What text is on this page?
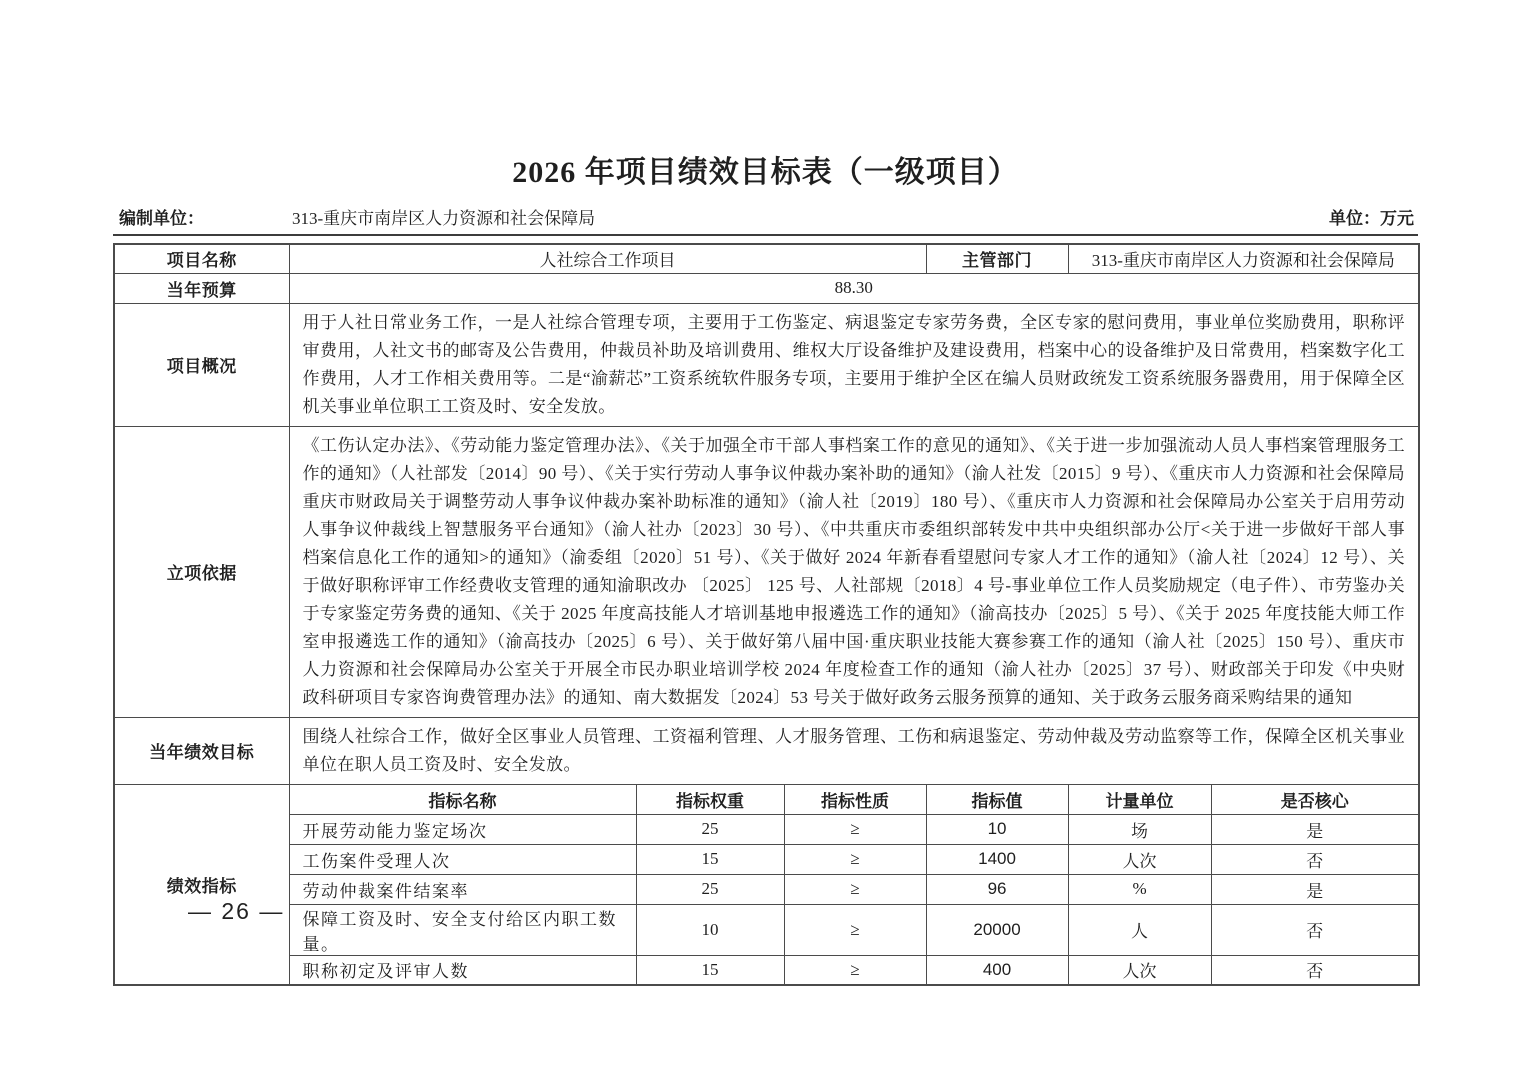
2026 年项目绩效目标表（一级项目）
编制单位：	313-重庆市南岸区人力资源和社会保障局	单位：万元
项目名称	人社综合工作项目			主管部门	313-重庆市南岸区人力资源和社会保障局	
当年预算	88.30					
项目概况	用于人社日常业务工作，一是人社综合管理专项，主要用于工伤鉴定、病退鉴定专家劳务费，全区专家的慰问费用，事业单位奖励费用，职称评审费用，人社文书的邮寄及公告费用，仲裁员补助及培训费用、维权大厅设备维护及建设费用，档案中心的设备维护及日常费用，档案数字化工作费用，人才工作相关费用等。二是“渝薪芯”工资系统软件服务专项，主要用于维护全区在编人员财政统发工资系统服务器费用，用于保障全区机关事业单位职工工资及时、安全发放。					
立项依据	《工伤认定办法》、《劳动能力鉴定管理办法》、《关于加强全市干部人事档案工作的意见的通知》、《关于进一步加强流动人员人事档案管理服务工作的通知》（人社部发〔2014〕90 号）、《关于实行劳动人事争议仲裁办案补助的通知》（渝人社发〔2015〕9 号）、《重庆市人力资源和社会保障局重庆市财政局关于调整劳动人事争议仲裁办案补助标准的通知》（渝人社〔2019〕180 号）、《重庆市人力资源和社会保障局办公室关于启用劳动人事争议仲裁线上智慧服务平台通知》（渝人社办〔2023〕30 号）、《中共重庆市委组织部转发中共中央组织部办公厅<关于进一步做好干部人事档案信息化工作的通知>的通知》（渝委组〔2020〕51 号）、《关于做好 2024 年新春看望慰问专家人才工作的通知》（渝人社〔2024〕12 号）、关于做好职称评审工作经费收支管理的通知渝职改办 〔2025〕 125 号、人社部规〔2018〕4 号-事业单位工作人员奖励规定（电子件）、市劳鉴办关于专家鉴定劳务费的通知、《关于 2025 年度高技能人才培训基地申报遴选工作的通知》（渝高技办〔2025〕5 号）、《关于 2025 年度技能大师工作室申报遴选工作的通知》（渝高技办〔2025〕6 号）、关于做好第八届中国·重庆职业技能大赛参赛工作的通知（渝人社〔2025〕150 号）、重庆市人力资源和社会保障局办公室关于开展全市民办职业培训学校 2024 年度检查工作的通知（渝人社办〔2025〕37 号）、财政部关于印发《中央财政科研项目专家咨询费管理办法》的通知、南大数据发〔2024〕53 号关于做好政务云服务预算的通知、关于政务云服务商采购结果的通知					
当年绩效目标	围绕人社综合工作，做好全区事业人员管理、工资福利管理、人才服务管理、工伤和病退鉴定、劳动仲裁及劳动监察等工作，保障全区机关事业单位在职人员工资及时、安全发放。					
绩效指标	指标名称	指标权重	指标性质	指标值	计量单位	是否核心
	开展劳动能力鉴定场次	25	≥	10	场	是
	工伤案件受理人次	15	≥	1400	人次	否
	劳动仲裁案件结案率	25	≥	96	%	是
	保障工资及时、安全支付给区内职工数量。	10	≥	20000	人	否
	职称初定及评审人数	15	≥	400	人次	否
— 26 —
